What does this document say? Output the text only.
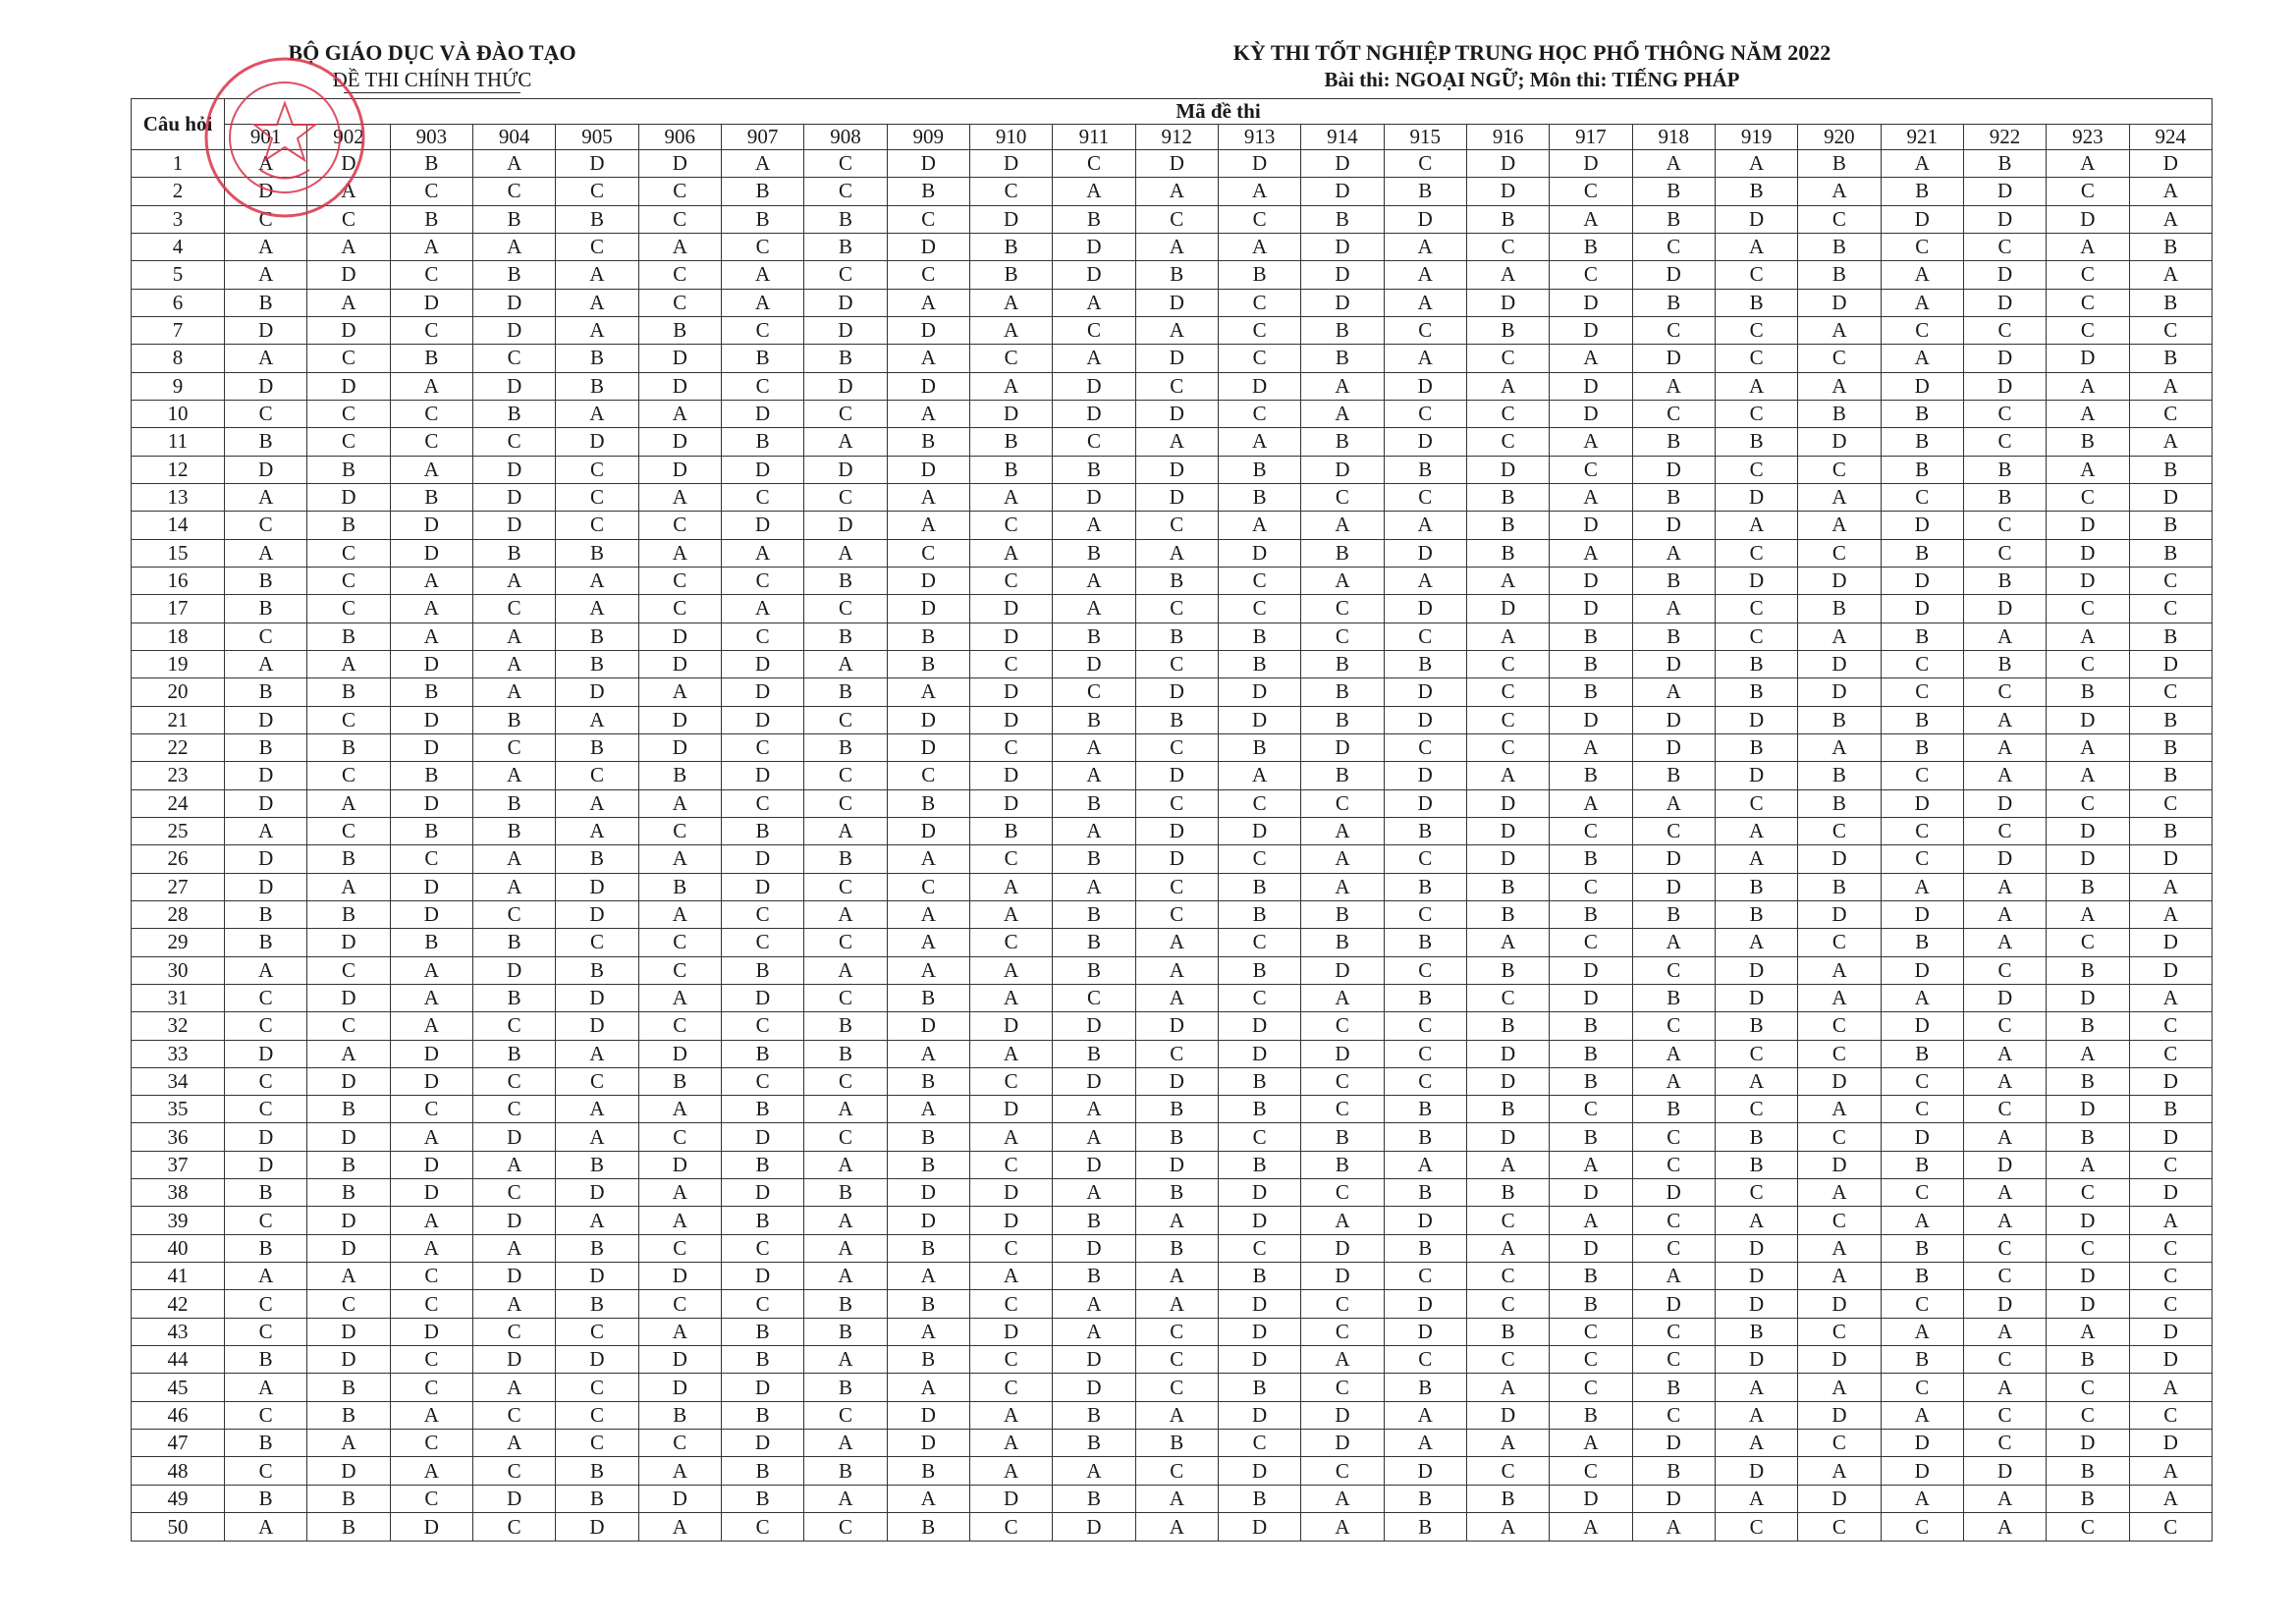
BỘ GIÁO DỤC VÀ ĐÀO TẠO
ĐỀ THI CHÍNH THỨC
KỲ THI TỐT NGHIỆP TRUNG HỌC PHỔ THÔNG NĂM 2022
Bài thi: NGOẠI NGỮ; Môn thi: TIẾNG PHÁP
Câu hỏi	Mã đề thi																							
	901	902	903	904	905	906	907	908	909	910	911	912	913	914	915	916	917	918	919	920	921	922	923	924
1	A	D	B	A	D	D	A	C	D	D	C	D	D	D	C	D	D	A	A	B	A	B	A	D
2	D	A	C	C	C	C	B	C	B	C	A	A	A	D	B	D	C	B	B	A	B	D	C	A
3	C	C	B	B	B	C	B	B	C	D	B	C	C	B	D	B	A	B	D	C	D	D	D	A
4	A	A	A	A	C	A	C	B	D	B	D	A	A	D	A	C	B	C	A	B	C	C	A	B
5	A	D	C	B	A	C	A	C	C	B	D	B	B	D	A	A	C	D	C	B	A	D	C	A
6	B	A	D	D	A	C	A	D	A	A	A	D	C	D	A	D	D	B	B	D	A	D	C	B
7	D	D	C	D	A	B	C	D	D	A	C	A	C	B	C	B	D	C	C	A	C	C	C	C
8	A	C	B	C	B	D	B	B	A	C	A	D	C	B	A	C	A	D	C	C	A	D	D	B
9	D	D	A	D	B	D	C	D	D	A	D	C	D	A	D	A	D	A	A	A	D	D	A	A
10	C	C	C	B	A	A	D	C	A	D	D	D	C	A	C	C	D	C	C	B	B	C	A	C
11	B	C	C	C	D	D	B	A	B	B	C	A	A	B	D	C	A	B	B	D	B	C	B	A
12	D	B	A	D	C	D	D	D	D	B	B	D	B	D	B	D	C	D	C	C	B	B	A	B
13	A	D	B	D	C	A	C	C	A	A	D	D	B	C	C	B	A	B	D	A	C	B	C	D
14	C	B	D	D	C	C	D	D	A	C	A	C	A	A	A	B	D	D	A	A	D	C	D	B
15	A	C	D	B	B	A	A	A	C	A	B	A	D	B	D	B	A	A	C	C	B	C	D	B
16	B	C	A	A	A	C	C	B	D	C	A	B	C	A	A	A	D	B	D	D	D	B	D	C
17	B	C	A	C	A	C	A	C	D	D	A	C	C	C	D	D	D	A	C	B	D	D	C	C
18	C	B	A	A	B	D	C	B	B	D	B	B	B	C	C	A	B	B	C	A	B	A	A	B
19	A	A	D	A	B	D	D	A	B	C	D	C	B	B	B	C	B	D	B	D	C	B	C	D
20	B	B	B	A	D	A	D	B	A	D	C	D	D	B	D	C	B	A	B	D	C	C	B	C
21	D	C	D	B	A	D	D	C	D	D	B	B	D	B	D	C	D	D	D	B	B	A	D	B
22	B	B	D	C	B	D	C	B	D	C	A	C	B	D	C	C	A	D	B	A	B	A	A	B
23	D	C	B	A	C	B	D	C	C	D	A	D	A	B	D	A	B	B	D	B	C	A	A	B
24	D	A	D	B	A	A	C	C	B	D	B	C	C	C	D	D	A	A	C	B	D	D	C	C
25	A	C	B	B	A	C	B	A	D	B	A	D	D	A	B	D	C	C	A	C	C	C	D	B
26	D	B	C	A	B	A	D	B	A	C	B	D	C	A	C	D	B	D	A	D	C	D	D	D
27	D	A	D	A	D	B	D	C	C	A	A	C	B	A	B	B	C	D	B	B	A	A	B	A
28	B	B	D	C	D	A	C	A	A	A	B	C	B	B	C	B	B	B	B	D	D	A	A	A
29	B	D	B	B	C	C	C	C	A	C	B	A	C	B	B	A	C	A	A	C	B	A	C	D
30	A	C	A	D	B	C	B	A	A	A	B	A	B	D	C	B	D	C	D	A	D	C	B	D
31	C	D	A	B	D	A	D	C	B	A	C	A	C	A	B	C	D	B	D	A	A	D	D	A
32	C	C	A	C	D	C	C	B	D	D	D	D	D	C	C	B	B	C	B	C	D	C	B	C
33	D	A	D	B	A	D	B	B	A	A	B	C	D	D	C	D	B	A	C	C	B	A	A	C
34	C	D	D	C	C	B	C	C	B	C	D	D	B	C	C	D	B	A	A	D	C	A	B	D
35	C	B	C	C	A	A	B	A	A	D	A	B	B	C	B	B	C	B	C	A	C	C	D	B
36	D	D	A	D	A	C	D	C	B	A	A	B	C	B	B	D	B	C	B	C	D	A	B	D
37	D	B	D	A	B	D	B	A	B	C	D	D	B	B	A	A	A	C	B	D	B	D	A	C
38	B	B	D	C	D	A	D	B	D	D	A	B	D	C	B	B	D	D	C	A	C	A	C	D
39	C	D	A	D	A	A	B	A	D	D	B	A	D	A	D	C	A	C	A	C	A	A	D	A
40	B	D	A	A	B	C	C	A	B	C	D	B	C	D	B	A	D	C	D	A	B	C	C	C
41	A	A	C	D	D	D	D	A	A	A	B	A	B	D	C	C	B	A	D	A	B	C	D	C
42	C	C	C	A	B	C	C	B	B	C	A	A	D	C	D	C	B	D	D	D	C	D	D	C
43	C	D	D	C	C	A	B	B	A	D	A	C	D	C	D	B	C	C	B	C	A	A	A	D
44	B	D	C	D	D	D	B	A	B	C	D	C	D	A	C	C	C	C	D	D	B	C	B	D
45	A	B	C	A	C	D	D	B	A	C	D	C	B	C	B	A	C	B	A	A	C	A	C	A
46	C	B	A	C	C	B	B	C	D	A	B	A	D	D	A	D	B	C	A	D	A	C	C	C
47	B	A	C	A	C	C	D	A	D	A	B	B	C	D	A	A	A	D	A	C	D	C	D	D
48	C	D	A	C	B	A	B	B	B	A	A	C	D	C	D	C	C	B	D	A	D	D	B	A
49	B	B	C	D	B	D	B	A	A	D	B	A	B	A	B	B	D	D	A	D	A	A	B	A
50	A	B	D	C	D	A	C	C	B	C	D	A	D	A	B	A	A	A	C	C	C	A	C	C
